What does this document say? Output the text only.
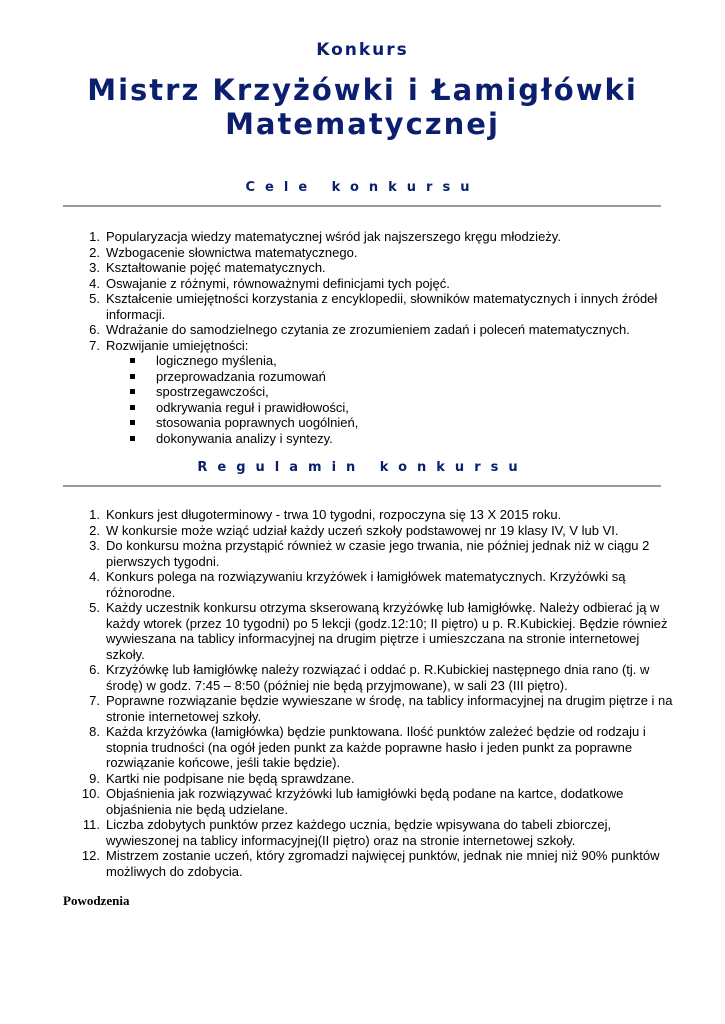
Konkurs
Mistrz Krzyżówki i Łamigłówki
Matematycznej
Cele konkursu
1. Popularyzacja wiedzy matematycznej wśród jak najszerszego kręgu młodzieży.
2. Wzbogacenie słownictwa matematycznego.
3. Kształtowanie pojęć matematycznych.
4. Oswajanie z różnymi, równoważnymi definicjami tych pojęć.
5. Kształcenie umiejętności korzystania z encyklopedii, słowników matematycznych i innych źródeł informacji.
6. Wdrażanie do samodzielnego czytania ze zrozumieniem zadań i poleceń matematycznych.
7. Rozwijanie umiejętności:
logicznego myślenia,
przeprowadzania rozumowań
spostrzegawczości,
odkrywania reguł i prawidłowości,
stosowania poprawnych uogólnień,
dokonywania analizy i syntezy.
Regulamin konkursu
1. Konkurs jest długoterminowy - trwa 10 tygodni, rozpoczyna się 13 X 2015 roku.
2. W konkursie może wziąć udział każdy uczeń szkoły podstawowej nr 19 klasy IV, V lub VI.
3. Do konkursu można przystąpić również w czasie jego trwania, nie później jednak niż w ciągu 2 pierwszych tygodni.
4. Konkurs polega na rozwiązywaniu krzyżówek i łamigłówek matematycznych. Krzyżówki są różnorodne.
5. Każdy uczestnik konkursu otrzyma skserowaną krzyżówkę lub łamigłówkę. Należy odbierać ją w każdy wtorek (przez 10 tygodni) po 5 lekcji (godz.12:10; II piętro) u p. R.Kubickiej. Będzie również wywieszana na tablicy informacyjnej na drugim piętrze i umieszczana na stronie internetowej szkoły.
6. Krzyżówkę lub łamigłówkę należy rozwiązać i oddać p. R.Kubickiej następnego dnia rano (tj. w środę) w godz. 7:45 – 8:50 (później nie będą przyjmowane), w sali 23 (III piętro).
7. Poprawne rozwiązanie będzie wywieszane w środę, na tablicy informacyjnej na drugim piętrze i na stronie internetowej szkoły.
8. Każda krzyżówka (łamigłówka) będzie punktowana. Ilość punktów zależeć będzie od rodzaju i stopnia trudności (na ogół jeden punkt za każde poprawne hasło i jeden punkt za poprawne rozwiązanie końcowe, jeśli takie będzie).
9. Kartki nie podpisane nie będą sprawdzane.
10. Objaśnienia jak rozwiązywać krzyżówki lub łamigłówki będą podane na kartce, dodatkowe objaśnienia nie będą udzielane.
11. Liczba zdobytych punktów przez każdego ucznia, będzie wpisywana do tabeli zbiorczej, wywieszonej na tablicy informacyjnej(II piętro) oraz na stronie internetowej szkoły.
12. Mistrzem zostanie uczeń, który zgromadzi najwięcej punktów, jednak nie mniej niż 90% punktów możliwych do zdobycia.
Powodzenia
